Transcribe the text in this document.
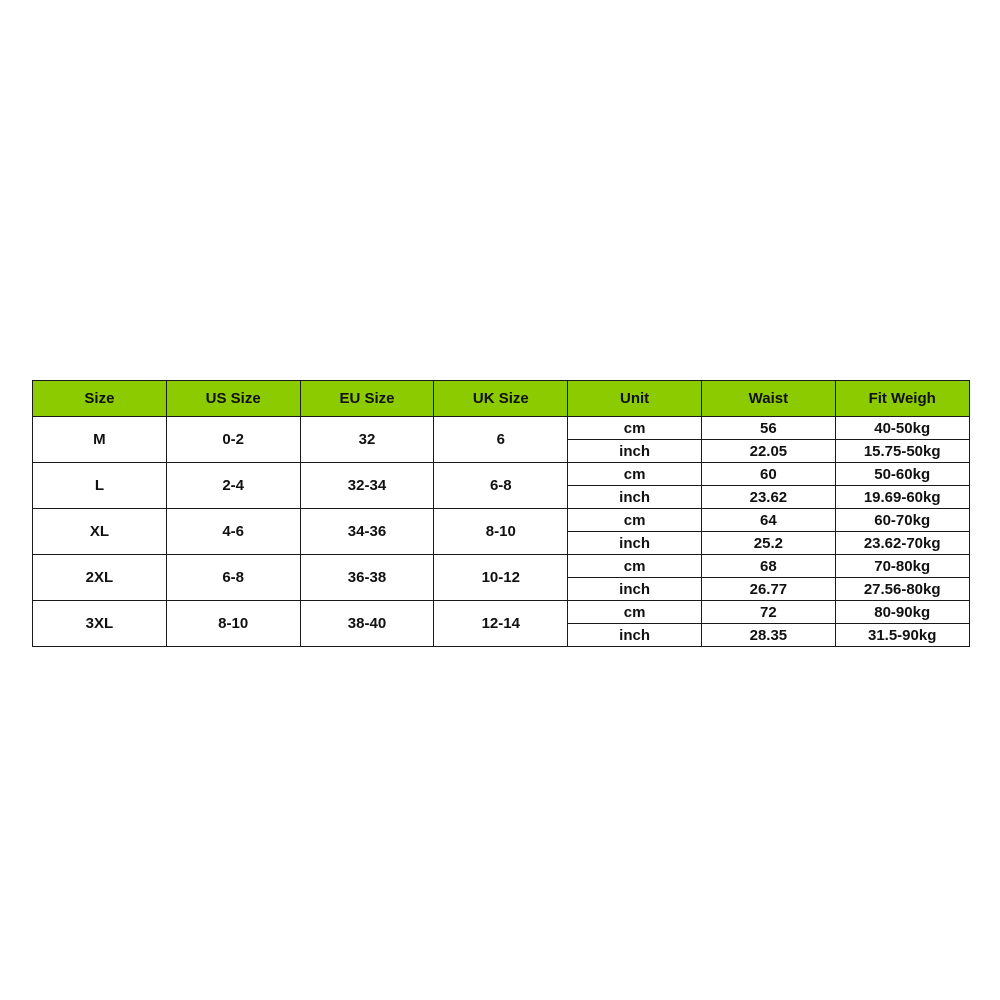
Size	US Size	EU Size	UK Size	Unit	Waist	Fit Weigh
M	0-2	32	6	cm	56	40-50kg
				inch	22.05	15.75-50kg
L	2-4	32-34	6-8	cm	60	50-60kg
				inch	23.62	19.69-60kg
XL	4-6	34-36	8-10	cm	64	60-70kg
				inch	25.2	23.62-70kg
2XL	6-8	36-38	10-12	cm	68	70-80kg
				inch	26.77	27.56-80kg
3XL	8-10	38-40	12-14	cm	72	80-90kg
				inch	28.35	31.5-90kg
